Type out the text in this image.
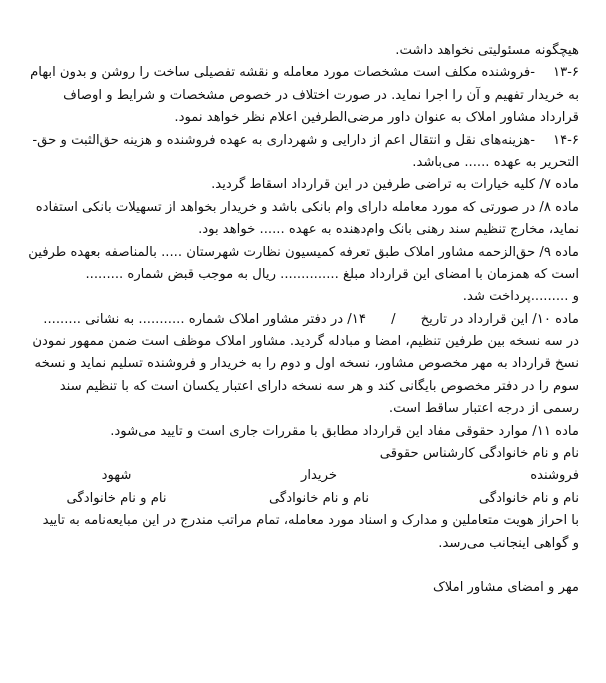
هیچگونه مسئولیتی نخواهد داشت.
۱۳-۶-فروشنده مکلف است مشخصات مورد معامله و نقشه تفصیلی ساخت را روشن و بدون ابهام
به خریدار تفهیم و آن را اجرا نماید. در صورت اختلاف در خصوص مشخصات و شرایط و اوصاف
قرارداد مشاور املاک به عنوان داور مرضی‌الطرفین اعلام نظر خواهد نمود.
۱۴-۶-هزینه‌های نقل و انتقال اعم از دارایی و شهرداری به عهده فروشنده و هزینه حق‌الثبت و حق-
التحریر به عهده ...... می‌باشد.
ماده ۷/ کلیه خیارات به تراضی طرفین در این قرارداد اسقاط گردید.
ماده ۸/ در صورتی که مورد معامله دارای وام بانکی باشد و خریدار بخواهد از تسهیلات بانکی استفاده
نماید، مخارج تنظیم سند رهنی بانک وام‌دهنده به عهده ...... خواهد بود.
ماده ۹/ حق‌الزحمه مشاور املاک طبق تعرفه کمیسیون نظارت شهرستان ..... بالمناصفه بعهده طرفین
است که همزمان با امضای این قرارداد مبلغ .............. ریال به موجب قبض شماره .........
و .........پرداخت شد.
ماده ۱۰/ این قرارداد در تاریخ      /      ۱۴/ در دفتر مشاور املاک شماره ........... به نشانی .........
در سه نسخه بین طرفین تنظیم، امضا و مبادله گردید. مشاور املاک موظف است ضمن ممهور نمودن
نسخ قرارداد به مهر مخصوص مشاور، نسخه اول و دوم را به خریدار و فروشنده تسلیم نماید و نسخه
سوم را در دفتر مخصوص بایگانی کند و هر سه نسخه دارای اعتبار یکسان است که با تنظیم سند
رسمی از درجه اعتبار ساقط است.
ماده ۱۱/ موارد حقوقی مفاد این قرارداد مطابق با مقررات جاری است و تایید می‌شود.
نام و نام خانوادگی کارشناس حقوقی
فروشنده
خریدار
شهود
نام و نام خانوادگی
نام و نام خانوادگی
نام و نام خانوادگی
با احراز هویت متعاملین و مدارک و اسناد مورد معامله، تمام مراتب مندرج در این مبایعه‌نامه به تایید
و گواهی اینجانب می‌رسد.
مهر و امضای مشاور املاک
